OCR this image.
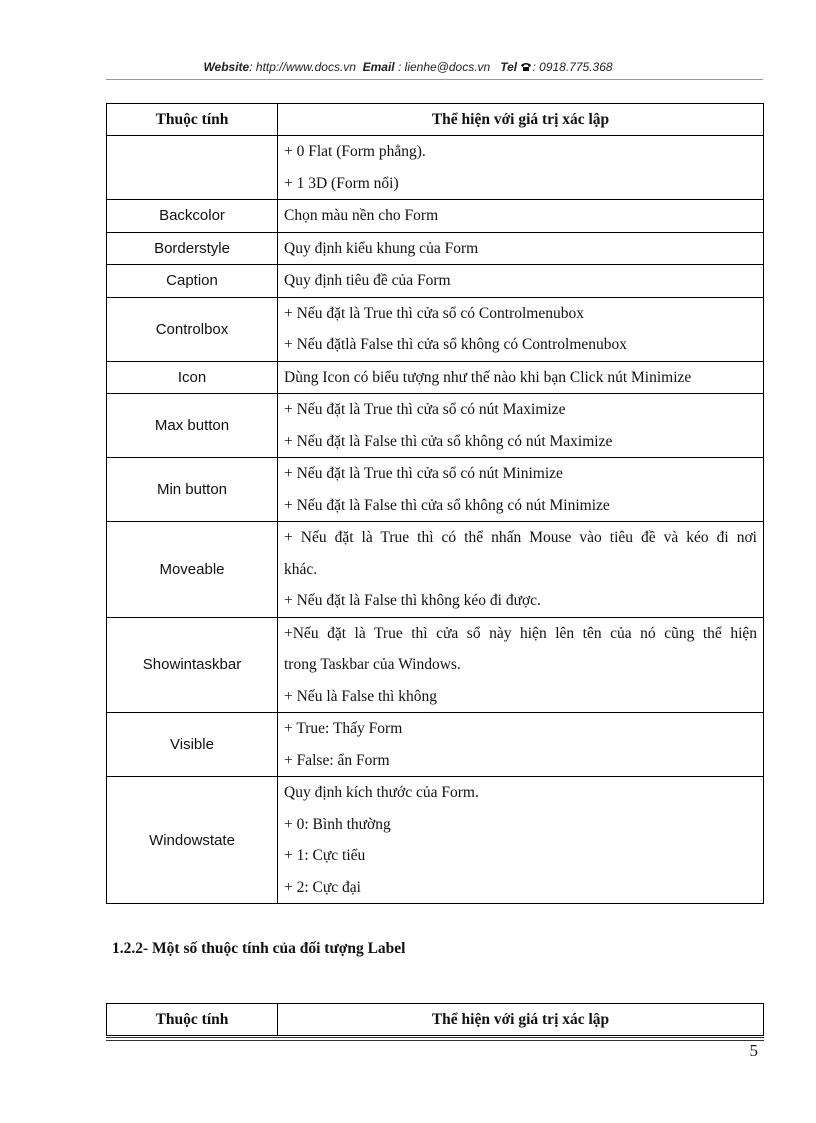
Website: http://www.docs.vn Email : lienhe@docs.vn Tel : 0918.775.368
Thuộc tính	Thể hiện với giá trị xác lập

	+ 0 Flat (Form phẳng).
+ 1 3D (Form nổi)

Backcolor	Chọn màu nền cho Form

Borderstyle	Quy định kiểu khung của Form

Caption	Quy định tiêu đề của Form

Controlbox	+ Nếu đặt là True thì cửa sổ có Controlmenubox
+ Nếu đặtlà False thì cửa sổ không có Controlmenubox

Icon	Dùng Icon có biểu tượng như thế nào khi bạn Click nút Minimize

Max button	+ Nếu đặt là True thì cửa sổ có nút Maximize
+ Nếu đặt là False thì cửa sổ không có nút Maximize

Min button	+ Nếu đặt là True thì cửa sổ có nút Minimize
+ Nếu đặt là False thì cửa sổ không có nút Minimize

Moveable	+ Nếu đặt là True thì có thể nhấn Mouse vào tiêu đề và kéo đi nơi
khác.
+ Nếu đặt là False thì không kéo đi được.

Showintaskbar	+Nếu đặt là True thì cửa sổ này hiện lên tên của nó cũng thể hiện
trong Taskbar của Windows.
+ Nếu là False thì không

Visible	+ True: Thấy Form
+ False: ẩn Form

Windowstate	Quy định kích thước của Form.
+ 0: Bình thường
+ 1: Cực tiểu
+ 2: Cực đại
1.2.2- Một số thuộc tính của đối tượng Label
Thuộc tính	Thể hiện với giá trị xác lập
5
